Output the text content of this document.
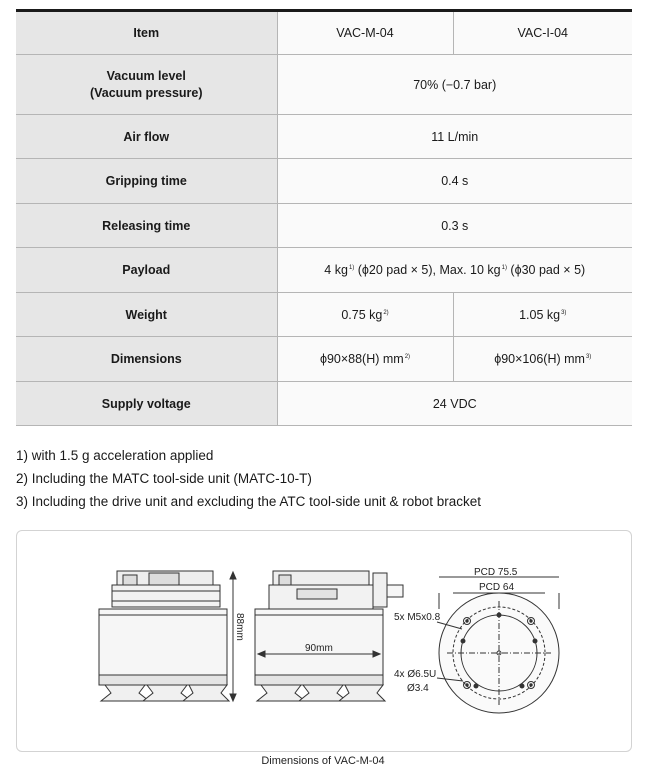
Item	VAC-M-04	VAC-I-04

Vacuum level
(Vacuum pressure)	70% (−0.7 bar)	
Air flow	11 L/min	
Gripping time	0.4 s	
Releasing time	0.3 s	
Payload	4 $kg^{1)}$ (ϕ20 pad × 5), Max. 10 $kg^{1)}$ (ϕ30 pad × 5)	
Weight	0.75 $kg^{2)}$	1.05 $kg^{3)}$
Dimensions	ϕ90×88(H) $mm^{2)}$	ϕ90×106(H) $mm^{3)}$
Supply voltage	24 VDC	
1) with 1.5 g acceleration applied
2) Including the MATC tool-side unit (MATC-10-T)
3) Including the drive unit and excluding the ATC tool-side unit & robot bracket
88mm
90mm
PCD 75.5
PCD 64
5x M5x0.8
4x Ø6.5U
Ø3.4
Dimensions of VAC-M-04
